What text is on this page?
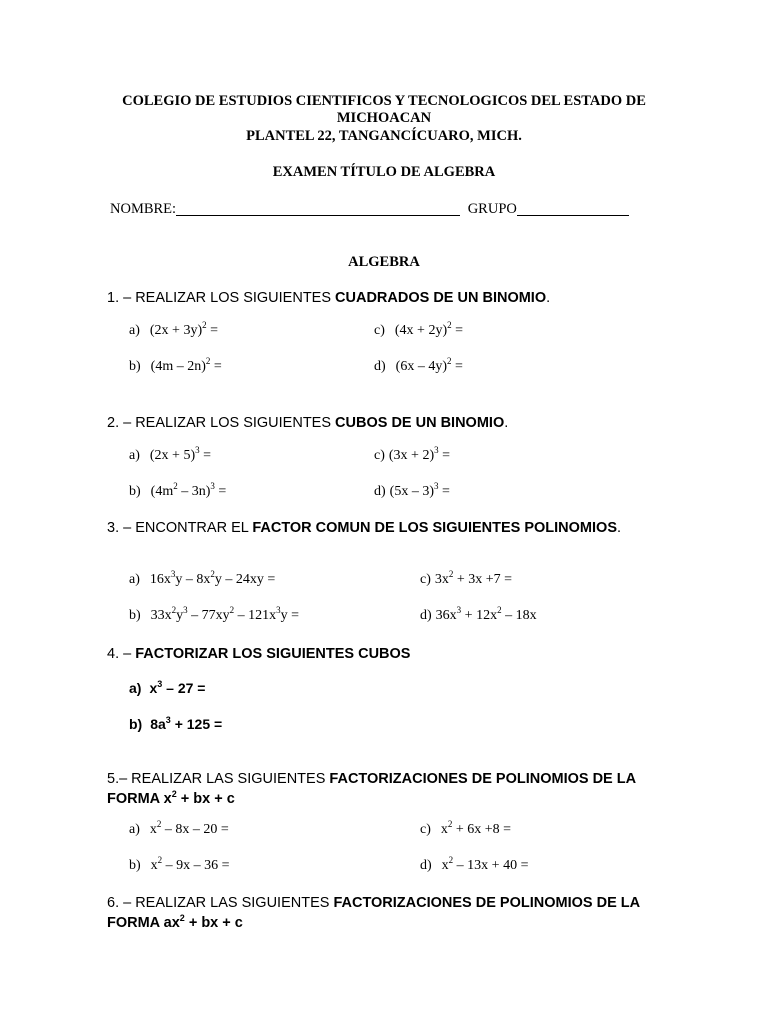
COLEGIO DE ESTUDIOS CIENTIFICOS Y TECNOLOGICOS DEL ESTADO DE
MICHOACAN
PLANTEL 22, TANGANCÍCUARO, MICH.
EXAMEN TÍTULO DE ALGEBRA
NOMBRE:	GRUPO
ALGEBRA
1. – REALIZAR LOS SIGUIENTES CUADRADOS DE UN BINOMIO.
a) $(2x + 3y)^2$ =	c) $(4x + 2y)^2$ =
b) (4m – 2n)$^2$ =	d) (6x – 4y)$^2$ =
2. – REALIZAR LOS SIGUIENTES CUBOS DE UN BINOMIO.
a) $(2x + 5)^3$ =	c) $(3x + 2)^3$ =
b) $(4m^2 - 3n)^3$ =	d) (5x – 3)$^3$ =
3. – ENCONTRAR EL FACTOR COMUN DE LOS SIGUIENTES POLINOMIOS.
a) $16x^3y - 8x^2y - 24xy$ =	c) $3x^2 + 3x +7$ =
b) $33x^2y^3 - 77xy^2 - 121x^3y$ =	d) $36x^3 + 12x^2 - 18x$
4. – FACTORIZAR LOS SIGUIENTES CUBOS
a) $x^3 - 27$ =
b) $8a^3 + 125$ =
5.– REALIZAR LAS SIGUIENTES FACTORIZACIONES DE POLINOMIOS DE LA
FORMA $x^2$ + bx + c
a) $x^2 - 8x - 20$ =	c) $x^2 + 6x +8$ =
b) $x^2 - 9x - 36$ =	d) $x^2 - 13x + 40$ =
6. – REALIZAR LAS SIGUIENTES FACTORIZACIONES DE POLINOMIOS DE LA
FORMA $ax^2$ + bx + c
